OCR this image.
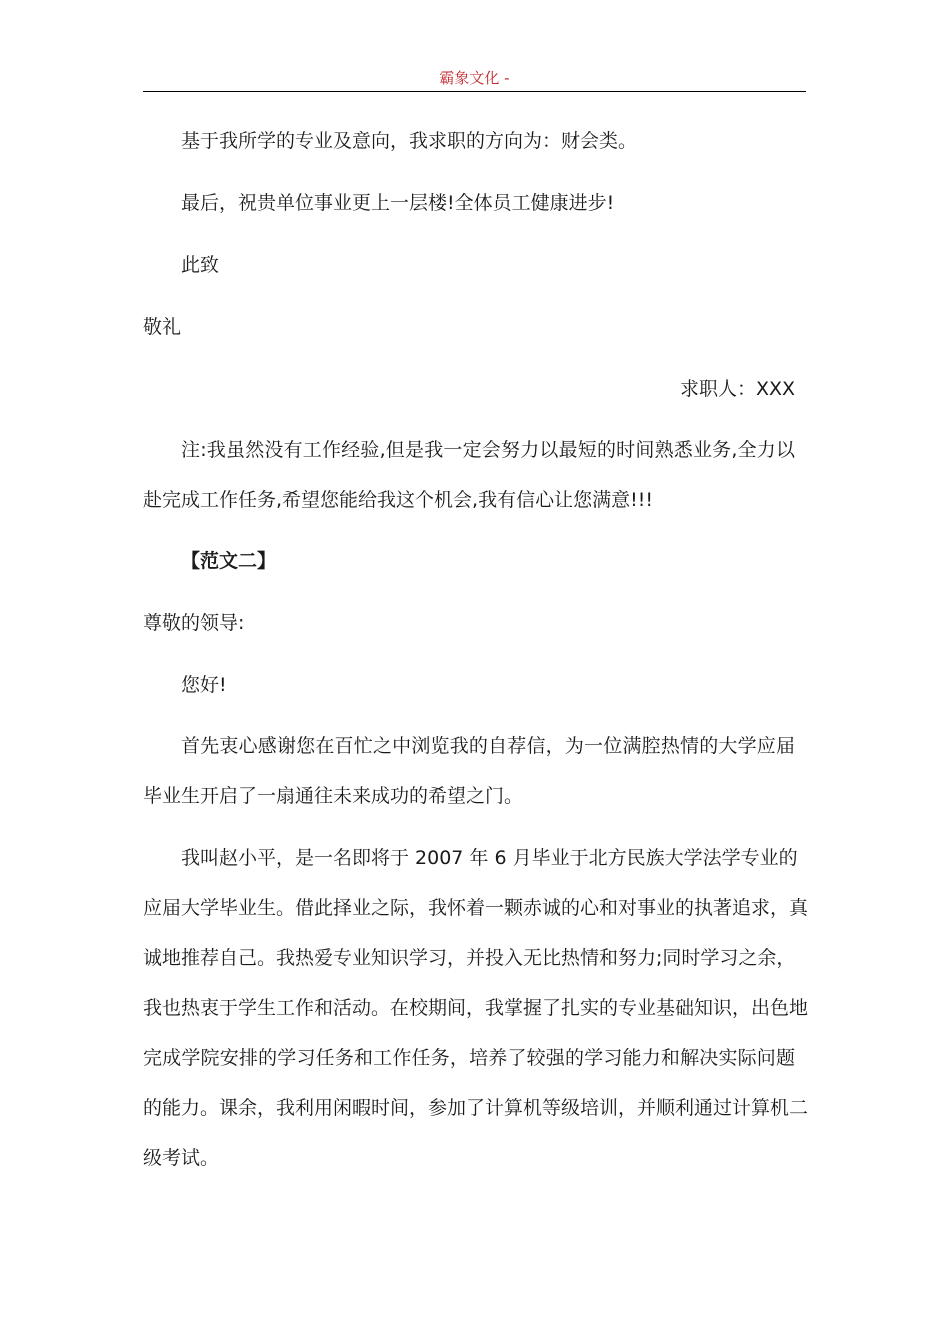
霸象文化 -

基于我所学的专业及意向，我求职的方向为：财会类。

最后，祝贵单位事业更上一层楼!全体员工健康进步!

此致

敬礼

求职人：XXX

注:我虽然没有工作经验,但是我一定会努力以最短的时间熟悉业务,全力以
赴完成工作任务,希望您能给我这个机会,我有信心让您满意!!!

【范文二】

尊敬的领导:

您好!

首先衷心感谢您在百忙之中浏览我的自荐信，为一位满腔热情的大学应届
毕业生开启了一扇通往未来成功的希望之门。
我叫赵小平，是一名即将于 2007 年 6 月毕业于北方民族大学法学专业的
应届大学毕业生。借此择业之际，我怀着一颗赤诚的心和对事业的执著追求，真
诚地推荐自己。我热爱专业知识学习，并投入无比热情和努力;同时学习之余，
我也热衷于学生工作和活动。在校期间，我掌握了扎实的专业基础知识，出色地
完成学院安排的学习任务和工作任务，培养了较强的学习能力和解决实际问题
的能力。课余，我利用闲暇时间，参加了计算机等级培训，并顺利通过计算机二
级考试。
